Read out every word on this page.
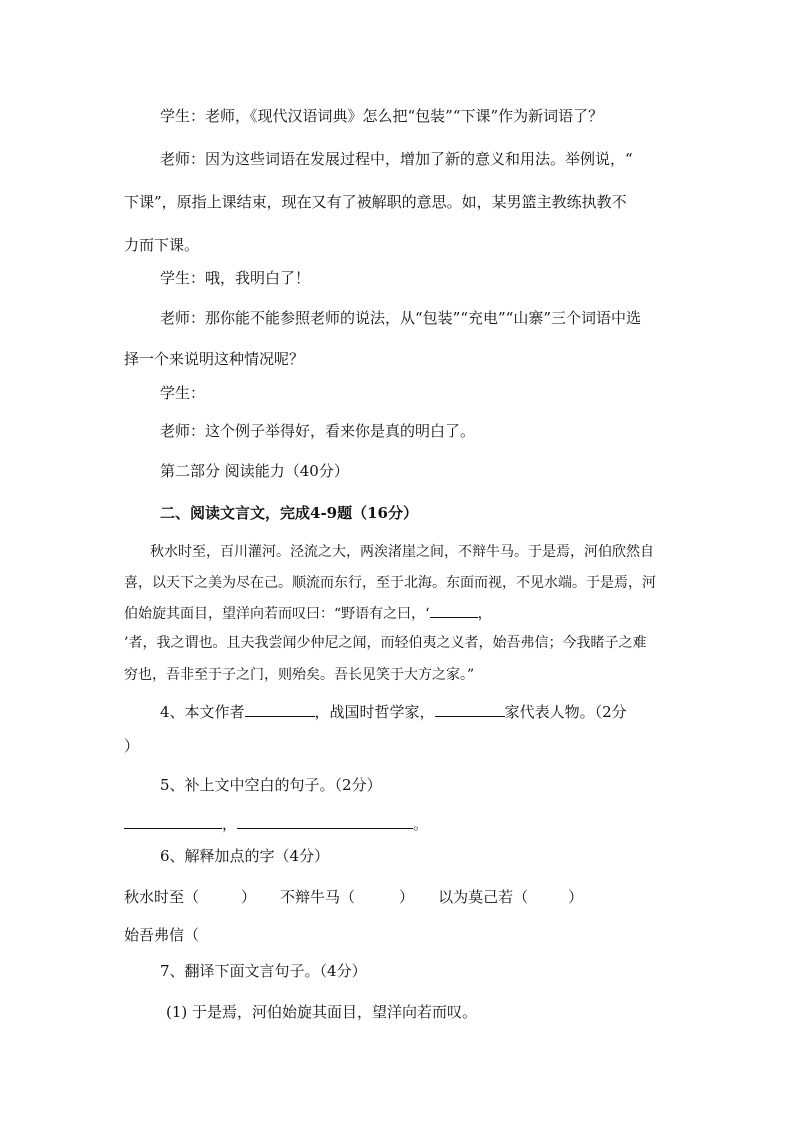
学生：老师，《现代汉语词典》怎么把“包装”“下课”作为新词语了？
老师：因为这些词语在发展过程中，增加了新的意义和用法。举例说，“
下课”，原指上课结束，现在又有了被解职的意思。如，某男篮主教练执教不
力而下课。
学生：哦，我明白了！
老师：那你能不能参照老师的说法，从“包装”“充电”“山寨”三个词语中选
择一个来说明这种情况呢？
学生：
老师：这个例子举得好，看来你是真的明白了。
第二部分 阅读能力（40分）
二、阅读文言文，完成4-9题（16分）
秋水时至，百川灌河。泾流之大，两涘渚崖之间，不辩牛马。于是焉，河伯欣然自
喜，以天下之美为尽在己。顺流而东行，至于北海。东面而视，不见水端。于是焉，河
伯始旋其面目，望洋向若而叹曰：“野语有之曰，‘	，
’者，我之谓也。且夫我尝闻少仲尼之闻，而轻伯夷之义者，始吾弗信；今我睹子之难
穷也，吾非至于子之门，则殆矣。吾长见笑于大方之家。”
4、本文作者	，战国时哲学家，	家代表人物。（2分
）
5、补上文中空白的句子。（2分）
，	。
6、解释加点的字（4分）
秋水时至（	） 不辩牛马（	） 以为莫己若（	）
始吾弗信（
7、翻译下面文言句子。（4分）
(1) 于是焉，河伯始旋其面目，望洋向若而叹。
